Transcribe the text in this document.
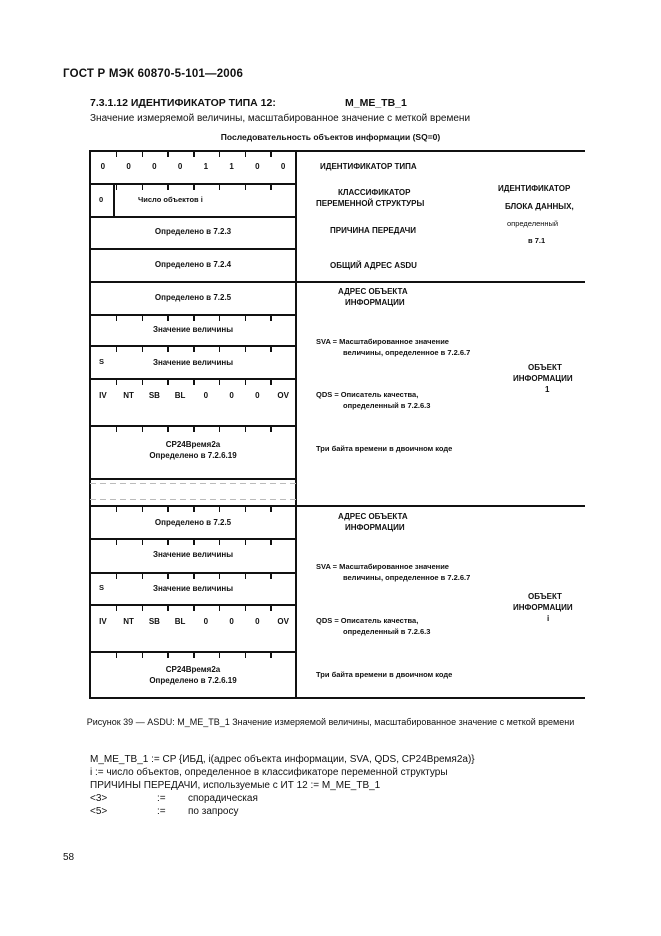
ГОСТ Р МЭК 60870-5-101—2006
7.3.1.12 ИДЕНТИФИКАТОР ТИПА 12:	M_ME_TB_1
Значение измеряемой величины, масштабированное значение с меткой времени
Последовательность объектов информации (SQ=0)
0	0	0	0	1	1	0	0
0	Число объектов i
Определено в 7.2.3
Определено в 7.2.4
Определено в 7.2.5
Значение величины
S	Значение величины
IV	NT	SB	BL	0	0	0	OV
CP24Время2a
Определено в 7.2.6.19
Определено в 7.2.5
Значение величины
S	Значение величины
IV	NT	SB	BL	0	0	0	OV
CP24Время2a
Определено в 7.2.6.19
ИДЕНТИФИКАТОР ТИПА
КЛАССИФИКАТОР
ПЕРЕМЕННОЙ СТРУКТУРЫ
ПРИЧИНА ПЕРЕДАЧИ
ОБЩИЙ АДРЕС ASDU
ИДЕНТИФИКАТОР
БЛОКА ДАННЫХ,
определенный
в 7.1
АДРЕС ОБЪЕКТА
ИНФОРМАЦИИ
SVA = Масштабированное значение
величины, определенное в 7.2.6.7
QDS = Описатель качества,
определенный в 7.2.6.3
Три байта времени в двоичном коде
ОБЪЕКТ
ИНФОРМАЦИИ
1
АДРЕС ОБЪЕКТА
ИНФОРМАЦИИ
SVA = Масштабированное значение
величины, определенное в 7.2.6.7
QDS = Описатель качества,
определенный в 7.2.6.3
Три байта времени в двоичном коде
ОБЪЕКТ
ИНФОРМАЦИИ
i
Рисунок 39 — ASDU: M_ME_TB_1 Значение измеряемой величины, масштабированное значение с меткой времени
M_ME_TB_1 := CP {ИБД, i(адрес объекта информации, SVA, QDS, CP24Время2a)}
i := число объектов, определенное в классификаторе переменной структуры
ПРИЧИНЫ ПЕРЕДАЧИ, используемые с ИТ 12 := M_ME_TB_1
<3>	:= спорадическая
<5>	:= по запросу
58
